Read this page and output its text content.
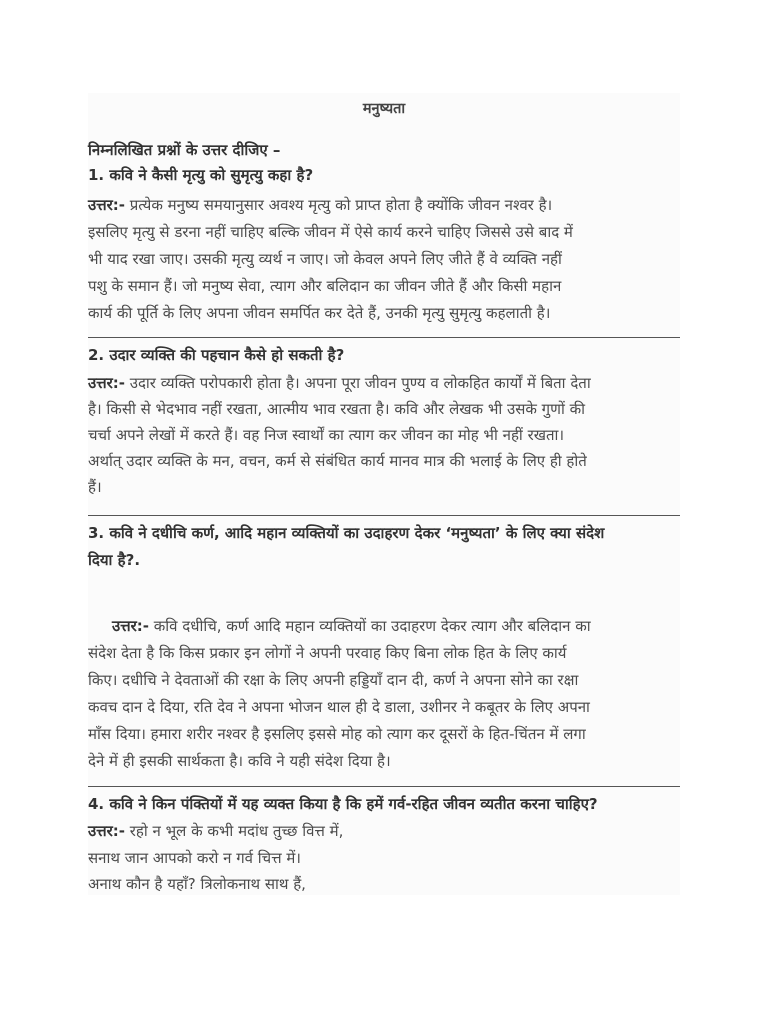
मनुष्यता
निम्नलिखित प्रश्नों के उत्तर दीजिए –
1. कवि ने कैसी मृत्यु को सुमृत्यु कहा है?
उत्तर:- प्रत्येक मनुष्य समयानुसार अवश्य मृत्यु को प्राप्त होता है क्योंकि जीवन नश्वर है।
इसलिए मृत्यु से डरना नहीं चाहिए बल्कि जीवन में ऐसे कार्य करने चाहिए जिससे उसे बाद में
भी याद रखा जाए। उसकी मृत्यु व्यर्थ न जाए। जो केवल अपने लिए जीते हैं वे व्यक्ति नहीं
पशु के समान हैं। जो मनुष्य सेवा, त्याग और बलिदान का जीवन जीते हैं और किसी महान
कार्य की पूर्ति के लिए अपना जीवन समर्पित कर देते हैं, उनकी मृत्यु सुमृत्यु कहलाती है।
2. उदार व्यक्ति की पहचान कैसे हो सकती है?
उत्तर:- उदार व्यक्ति परोपकारी होता है। अपना पूरा जीवन पुण्य व लोकहित कार्यों में बिता देता
है। किसी से भेदभाव नहीं रखता, आत्मीय भाव रखता है। कवि और लेखक भी उसके गुणों की
चर्चा अपने लेखों में करते हैं। वह निज स्वार्थों का त्याग कर जीवन का मोह भी नहीं रखता।
अर्थात् उदार व्यक्ति के मन, वचन, कर्म से संबंधित कार्य मानव मात्र की भलाई के लिए ही होते
हैं।
3. कवि ने दधीचि कर्ण, आदि महान व्यक्तियों का उदाहरण देकर ‘मनुष्यता’ के लिए क्या संदेश
दिया है?.
उत्तर:- कवि दधीचि, कर्ण आदि महान व्यक्तियों का उदाहरण देकर त्याग और बलिदान का
संदेश देता है कि किस प्रकार इन लोगों ने अपनी परवाह किए बिना लोक हित के लिए कार्य
किए। दधीचि ने देवताओं की रक्षा के लिए अपनी हड्डियाँ दान दी, कर्ण ने अपना सोने का रक्षा
कवच दान दे दिया, रति देव ने अपना भोजन थाल ही दे डाला, उशीनर ने कबूतर के लिए अपना
माँस दिया। हमारा शरीर नश्वर है इसलिए इससे मोह को त्याग कर दूसरों के हित-चिंतन में लगा
देने में ही इसकी सार्थकता है। कवि ने यही संदेश दिया है।
4. कवि ने किन पंक्तियों में यह व्यक्त किया है कि हमें गर्व-रहित जीवन व्यतीत करना चाहिए?
उत्तर:- रहो न भूल के कभी मदांध तुच्छ वित्त में,
सनाथ जान आपको करो न गर्व चित्त में।
अनाथ कौन है यहाँ? त्रिलोकनाथ साथ हैं,
